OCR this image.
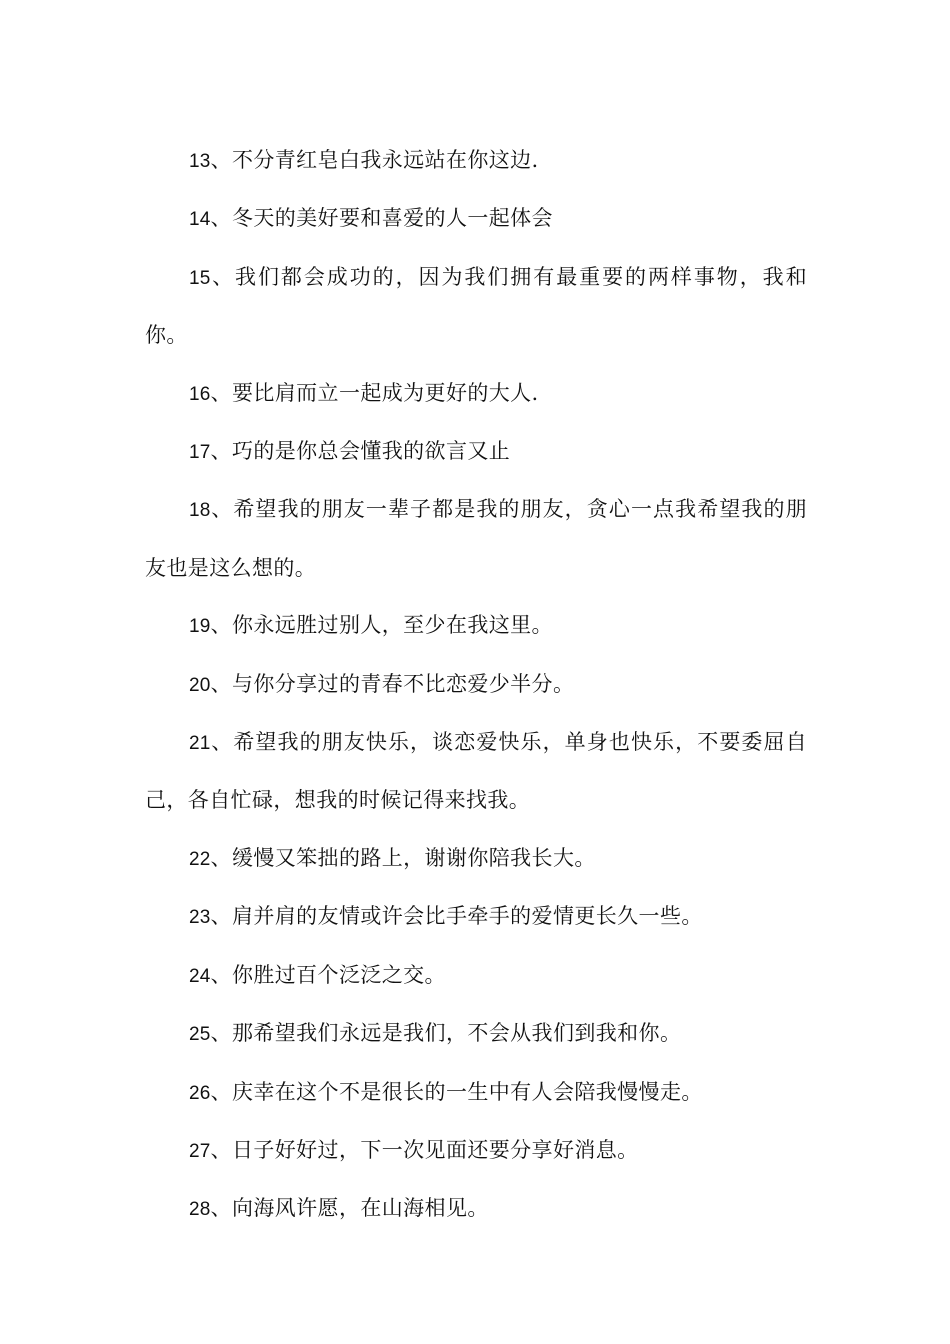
13、不分青红皂白我永远站在你这边.

14、冬天的美好要和喜爱的人一起体会

15、我们都会成功的，因为我们拥有最重要的两样事物，我和你。

16、要比肩而立一起成为更好的大人.

17、巧的是你总会懂我的欲言又止

18、希望我的朋友一辈子都是我的朋友，贪心一点我希望我的朋友也是这么想的。

19、你永远胜过别人，至少在我这里。

20、与你分享过的青春不比恋爱少半分。

21、希望我的朋友快乐，谈恋爱快乐，单身也快乐，不要委屈自己，各自忙碌，想我的时候记得来找我。

22、缓慢又笨拙的路上，谢谢你陪我长大。

23、肩并肩的友情或许会比手牵手的爱情更长久一些。

24、你胜过百个泛泛之交。

25、那希望我们永远是我们，不会从我们到我和你。

26、庆幸在这个不是很长的一生中有人会陪我慢慢走。

27、日子好好过，下一次见面还要分享好消息。

28、向海风许愿，在山海相见。
